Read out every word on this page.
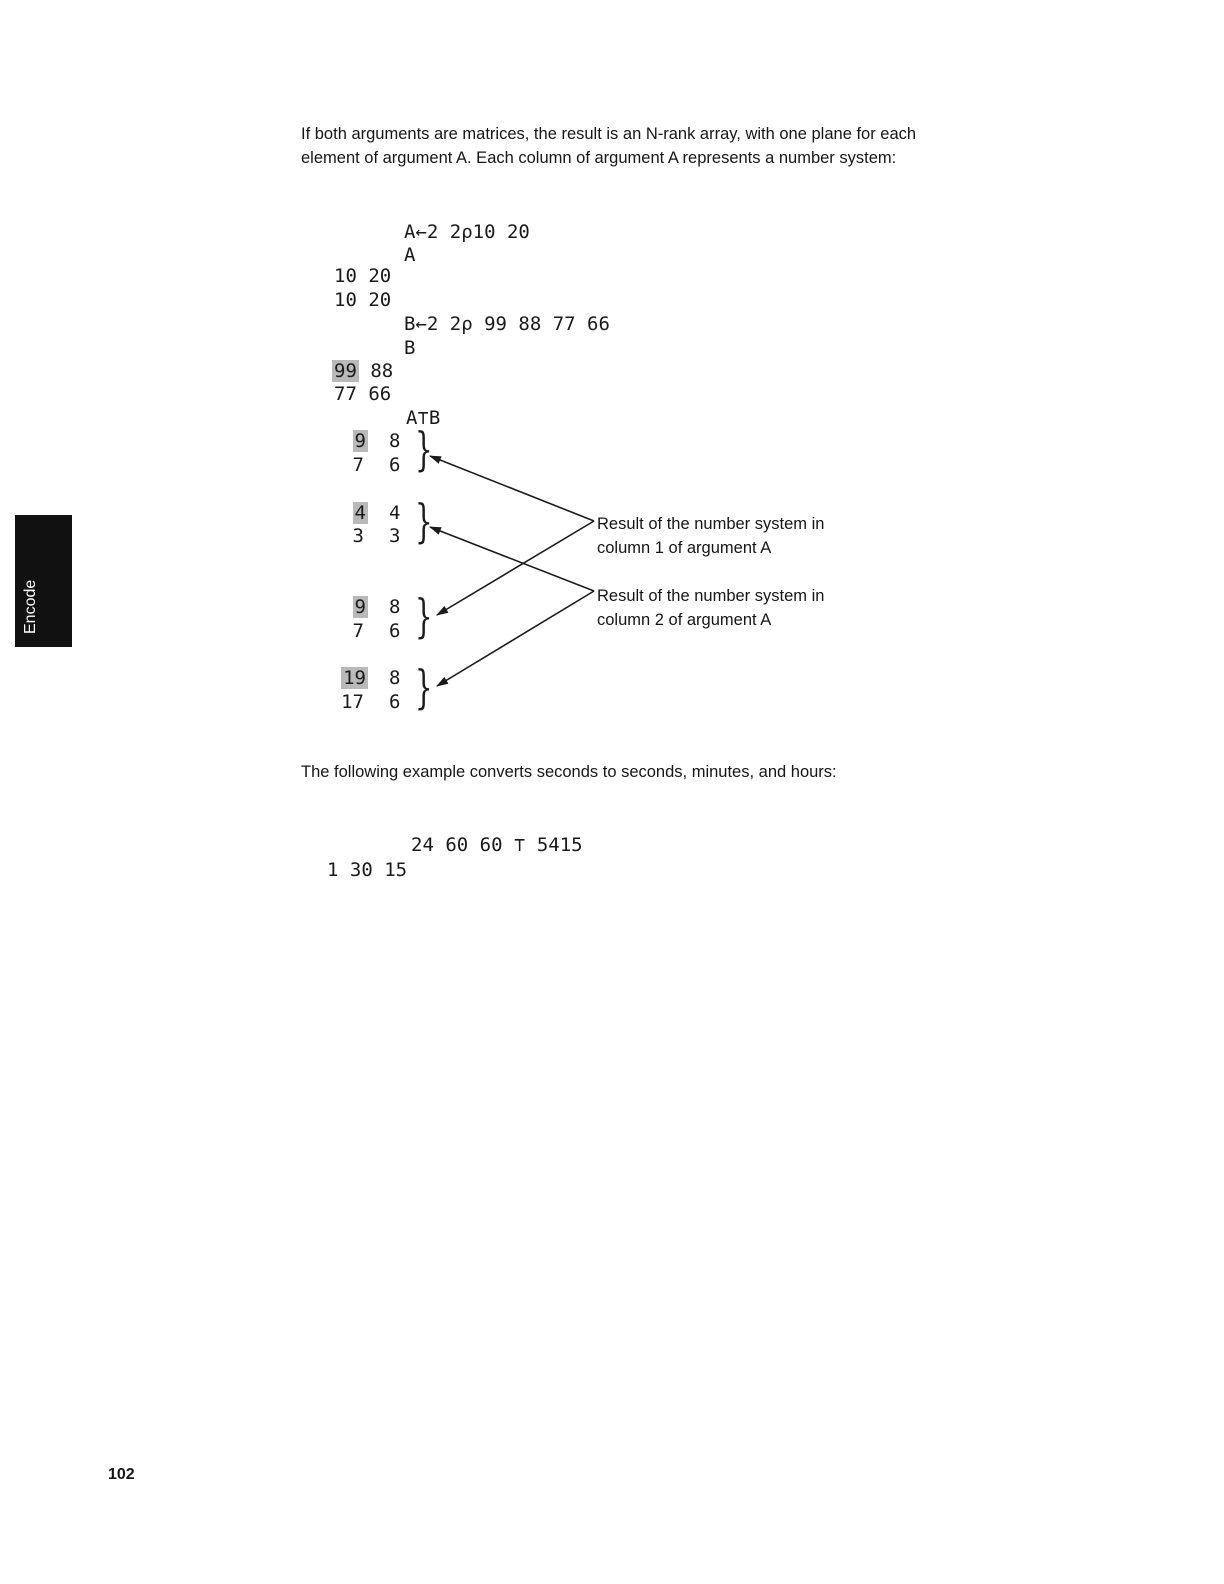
If both arguments are matrices, the result is an N-rank array, with one plane for each element of argument A. Each column of argument A represents a number system:

A←2 2ρ10 20
A
10 20
10 20
B←2 2ρ 99 88 77 66
B
99 88
77 66
A⊤B
9 8
7 6 }
4 4
3 3 }
9 8
7 6 }
19 8
17 6 }
Result of the number system in
column 1 of argument A
Result of the number system in
column 2 of argument A

The following example converts seconds to seconds, minutes, and hours:

24 60 60 ⊤ 5415
1 30 15
Encode
102
